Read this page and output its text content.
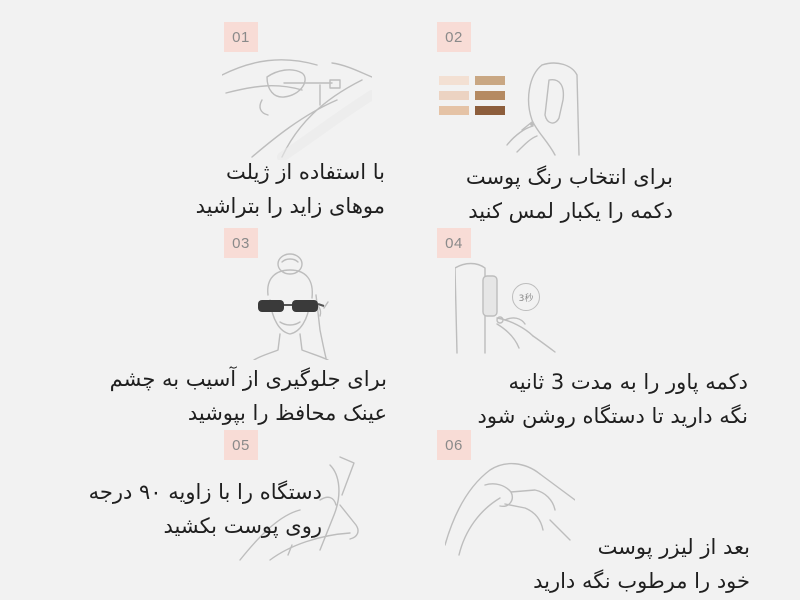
01
با استفاده از ژیلت
موهای زاید را بتراشید
02
برای انتخاب رنگ پوست
دکمه را یکبار لمس کنید
03
برای جلوگیری از آسیب به چشم
عینک محافظ را بپوشید
04
3秒
دکمه پاور را به مدت 3 ثانیه
نگه دارید تا دستگاه روشن شود
05
دستگاه را با زاویه ۹۰ درجه
روی پوست بکشید
06
بعد از لیزر پوست
خود را مرطوب نگه دارید
